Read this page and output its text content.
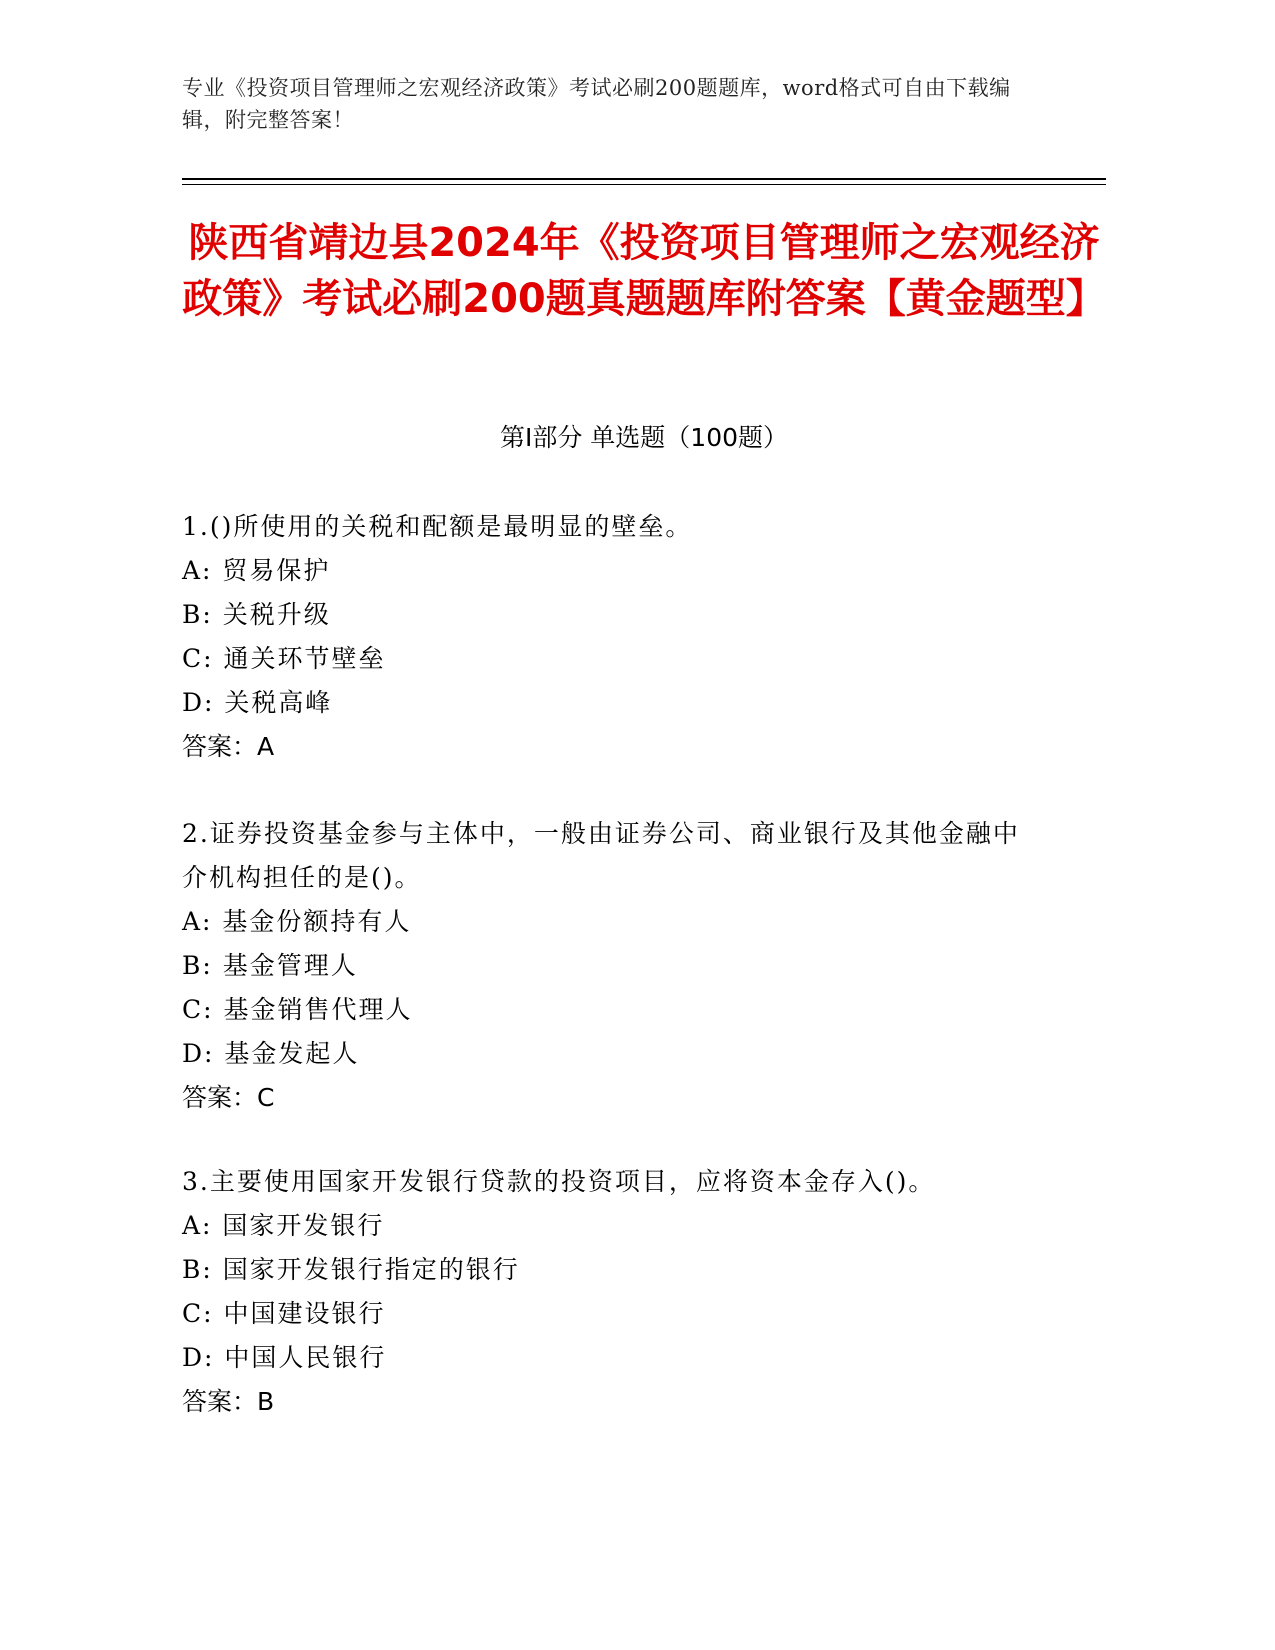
专业《投资项目管理师之宏观经济政策》考试必刷200题题库，word格式可自由下载编辑，附完整答案！
陕西省靖边县2024年《投资项目管理师之宏观经济政策》考试必刷200题真题题库附答案【黄金题型】
第I部分 单选题（100题）

1.()所使用的关税和配额是最明显的壁垒。

A: 贸易保护

B: 关税升级

C: 通关环节壁垒

D: 关税高峰

答案：A

2.证券投资基金参与主体中，一般由证券公司、商业银行及其他金融中介机构担任的是()。

A: 基金份额持有人

B: 基金管理人

C: 基金销售代理人

D: 基金发起人

答案：C

3.主要使用国家开发银行贷款的投资项目，应将资本金存入()。

A: 国家开发银行

B: 国家开发银行指定的银行

C: 中国建设银行

D: 中国人民银行

答案：B
